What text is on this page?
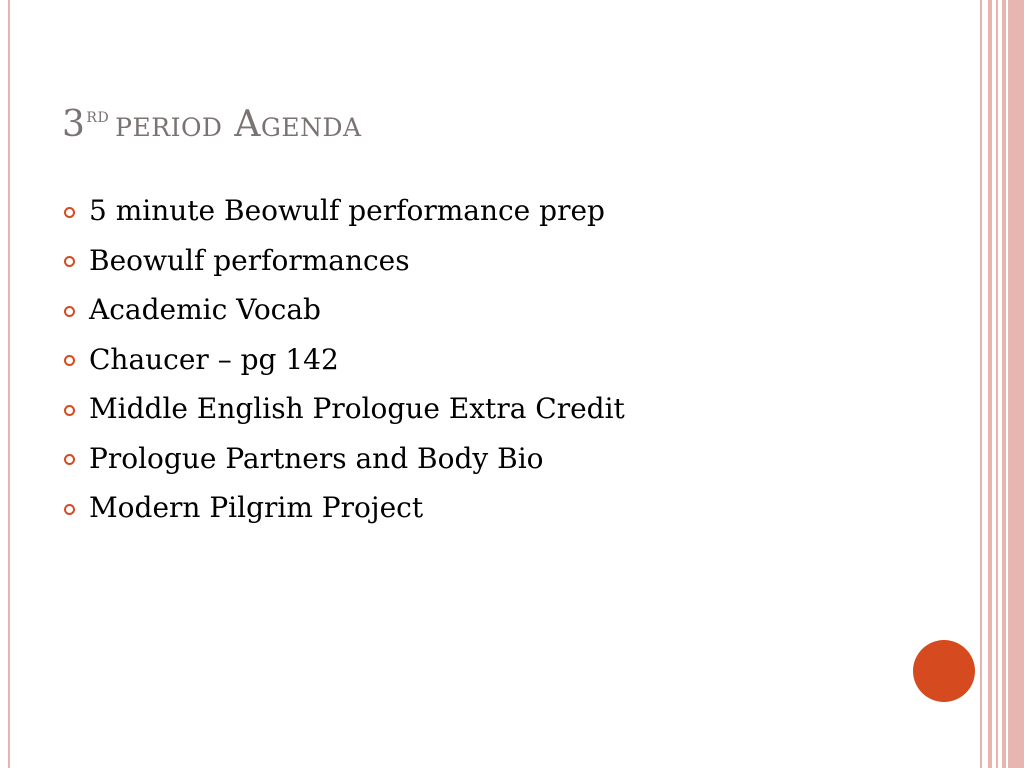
3rd period Agenda
5 minute Beowulf performance prep
Beowulf performances
Academic Vocab
Chaucer – pg 142
Middle English Prologue Extra Credit
Prologue Partners and Body Bio
Modern Pilgrim Project
